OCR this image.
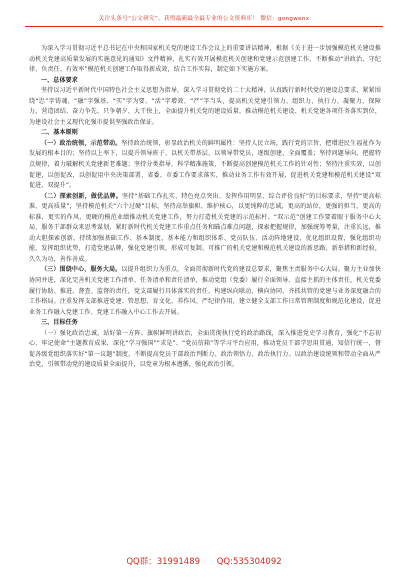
关注头条号“公文研究”，获得最新最全最专业的公文资料库！ 微信：gongwenx

为深入学习贯彻习近平总书记在中央和国家机关党的建设工作会议上的重要讲话精神，根据《关于进一步加强模范机关建设推动机关党建高质量发展的实施意见的通知》文件精神，扎实有效开展模范机关创建和党建示范创建工作，不断推动“讲政治、守纪律、负责任、有效率”模范机关创建工作取得新成效，结合工作实际，制定如下实施方案。

一、总体要求

坚持以习近平新时代中国特色社会主义思想为指导，深入学习贯彻党的二十大精神，认真践行新时代党的建设总要求，紧紧围绕“忠”字铸魂、“融”字强基、“实”字为要、“活”字增效、“严”字当头，提高机关党建引领力、组织力、执行力、凝聚力、保障力，营造团结、奋力争先、只争朝夕、大干快上，全面提升机关党的建设质量，推动模范机关建设、机关党建各项任务落实到位，为建设社会主义现代化强市提供坚强政治保证。

二、基本原则

（一）政治统领，示范带动。坚持政治统领，彰显政治机关的鲜明属性：坚持人民立场，践行党的宗旨，把增进民生福祉作为发展的根本目的；坚持以上率下，以提升领导班子、以机关带基层，以领导带党员，逐级创建，全面覆盖；坚持问题导向，把握特点规律，着力破解机关党建新老难题；坚持分类指导，科学精准施策，不断提高创建模范机关工作的针对性；坚持注重实效，以创促建，以创促改，以创促用中央决策部署、省委、市委工作要求落实，推动业务工作有效开展，促进机关党建和模范机关建设“双促进、双提升”。

（二）探索创新，做优品牌。坚持“基础工作扎实、特色亮点突出、发挥作用明显、综合评价良好”的目标要求，坚持“更高标准、更高质量”，坚持模范机关“六个过硬”目标，坚持高举旗帜、维护核心，以更纯粹的忠诚，更高的站位，更强的担当，更高的标准，更实的作风，更硬的模范业绩推动机关党建工作，努力打造机关党建的示范标杆。“双示范”创建工作要着眼于服务中心大局、服务干部群众来思考谋划，紧盯新时代机关党建工作重点任务和瞄点难点问题，探索把握规律，加强统筹考量，注重长远，推动大胆探索创新，持续加强基础工作、基本制度、基本能力和组织体系、党员队伍、活动阵地建设，优化组织设置，强化组织功能，发挥组织优势，打造党建品牌，强化党建引领，形成可复制、可推广的机关党建和模范机关建设的新思路、新举措和新经验，久久为功，善作善成。

（三）围绕中心，服务大局。以提升组织力为重点，全面贯彻新时代党的建设总要求，聚焦主责服务中心大局。聚力主业加快协同并进，深化完善机关党建工作清单、任务清单和责任清单，推动党组（党委）履行全面领导、直接主抓的主体责任，机关党委履行协助、推进、督查、监督的责任，党支部履行具体落实的责任，构建纵向联动、横向协同、齐抓共管的党建与业务深度融合的工作格局。注重发挥支部推进党建、管思想、育文化、养作风、严纪律作用，建立健全支部工作日常管理制度和规范化建设，促进业务工作融入党建工作、党建工作融入中心工作去开展。

三、目标任务

（一）强化政治忠诚，站好第一方阵。旗帜鲜明讲政治，全面贯彻执行党的政治路线，深入推进党史学习教育，强化“不忘初心、牢记使命”主题教育成果，深化“学习强国”“求是”、“党员信箱”等学习平台应用，推动党员干部学思用贯通、知信行统一，督促各级党组织落实好“第一议题”制度，不断提高党员干部政治判断力、政治领悟力、政治执行力。以政治建设统领和带动全面从严治党，引领带动党的建设质量全面提升，以党章为根本遵循，强化政治引领，

QQ群：31991489 QQ:535304092
